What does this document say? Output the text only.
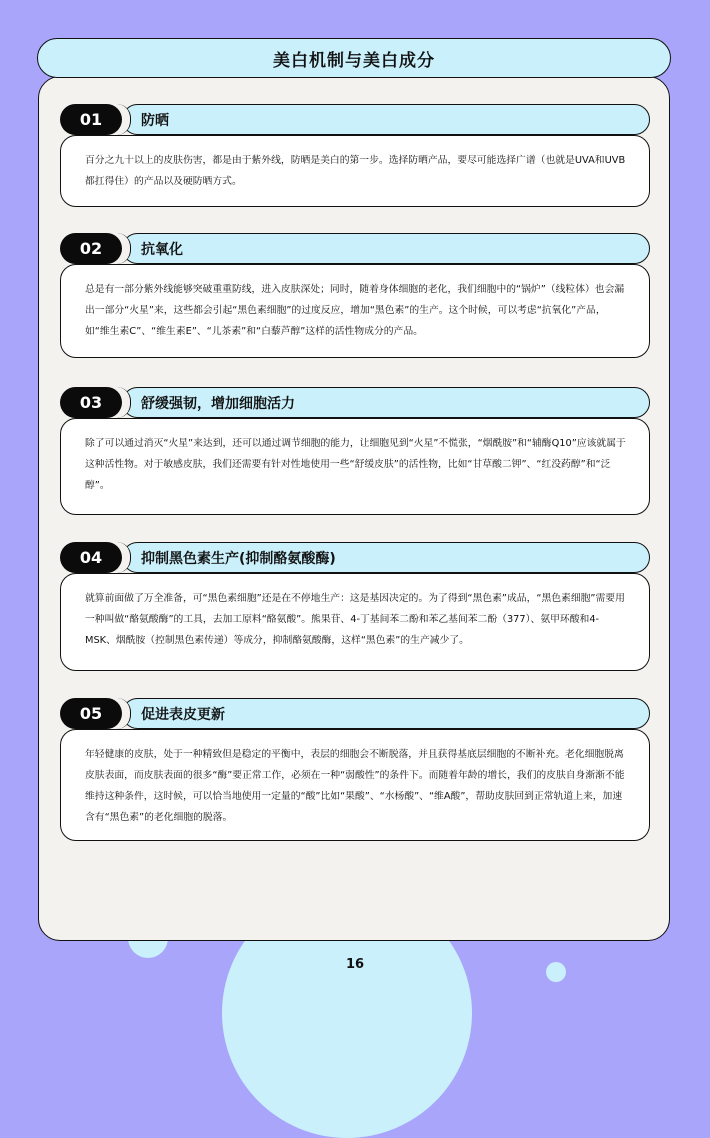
美白机制与美白成分
01	防晒
百分之九十以上的皮肤伤害，都是由于紫外线，防晒是美白的第一步。选择防晒产品，要尽可能选择广谱（也就是UVA和UVB都扛得住）的产品以及硬防晒方式。
02	抗氧化
总是有一部分紫外线能够突破重重防线，进入皮肤深处；同时，随着身体细胞的老化，我们细胞中的“锅炉”（线粒体）也会漏出一部分“火星”来，这些都会引起“黑色素细胞”的过度反应，增加“黑色素”的生产。这个时候，可以考虑“抗氧化”产品，如“维生素C”、“维生素E”、“儿茶素”和“白藜芦醇”这样的活性物成分的产品。
03	舒缓强韧，增加细胞活力
除了可以通过消灭“火星”来达到，还可以通过调节细胞的能力，让细胞见到“火星”不慌张，“烟酰胺”和“辅酶Q10”应该就属于这种活性物。对于敏感皮肤，我们还需要有针对性地使用一些“舒缓皮肤”的活性物，比如“甘草酸二钾”、“红没药醇”和“泛醇”。
04	抑制黑色素生产(抑制酪氨酸酶)
就算前面做了万全准备，可“黑色素细胞”还是在不停地生产：这是基因决定的。为了得到“黑色素”成品，“黑色素细胞”需要用一种叫做“酪氨酸酶”的工具，去加工原料“酪氨酸”。熊果苷、4-丁基间苯二酚和苯乙基间苯二酚（377）、氨甲环酸和4-MSK、烟酰胺（控制黑色素传递）等成分，抑制酪氨酸酶，这样“黑色素”的生产减少了。
05	促进表皮更新
年轻健康的皮肤，处于一种精致但是稳定的平衡中，表层的细胞会不断脱落，并且获得基底层细胞的不断补充。老化细胞脱离皮肤表面，而皮肤表面的很多“酶”要正常工作，必须在一种“弱酸性”的条件下。而随着年龄的增长，我们的皮肤自身渐渐不能维持这种条件，这时候，可以恰当地使用一定量的“酸”比如“果酸”、“水杨酸”、“维A酸”，帮助皮肤回到正常轨道上来，加速含有“黑色素”的老化细胞的脱落。
16
